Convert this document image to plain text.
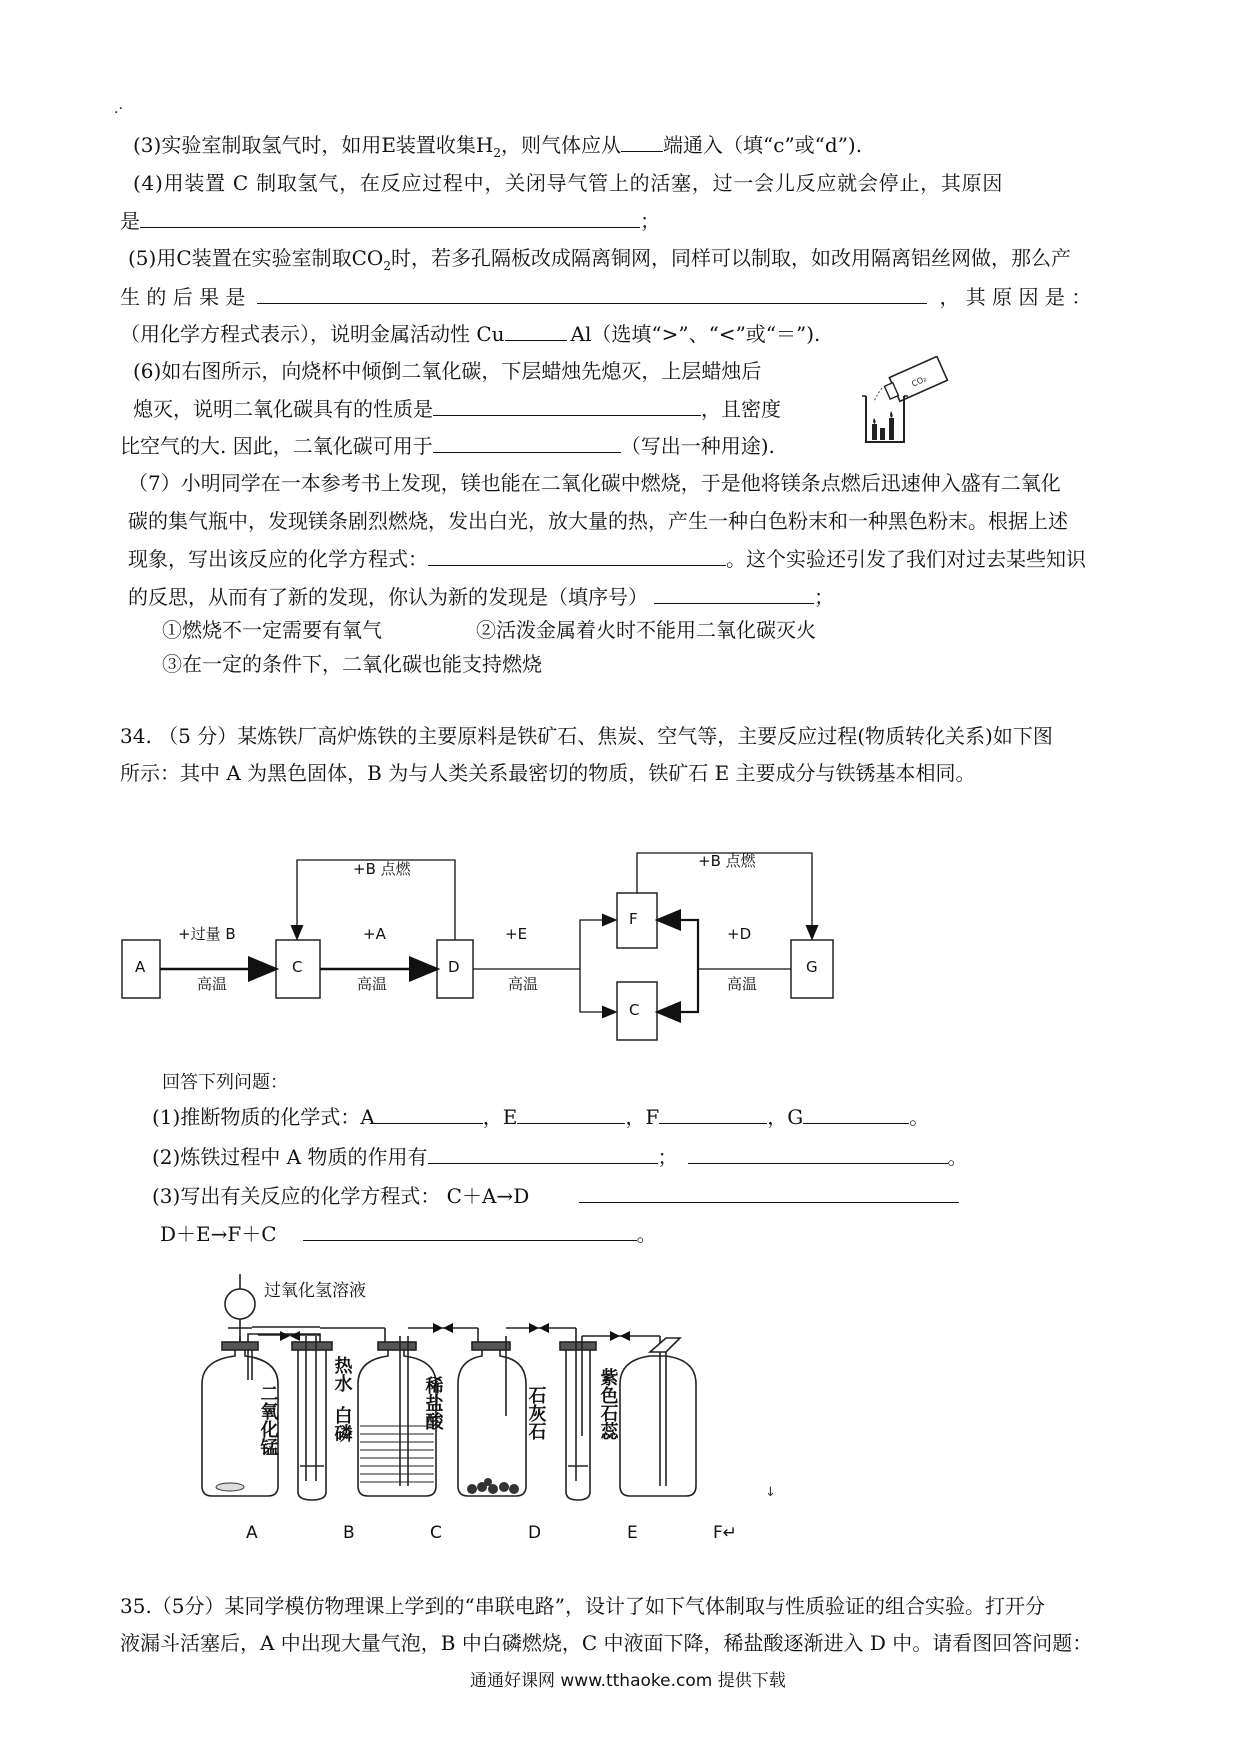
.·
(3)实验室制取氢气时，如用E装置收集$H_2$，则气体应从 端通入（填“c”或“d”).
(4)用装置 C 制取氢气，在反应过程中，关闭导气管上的活塞，过一会儿反应就会停止，其原因
是	；
(5)用C装置在实验室制取$CO_2$时，若多孔隔板改成隔离铜网，同样可以制取，如改用隔离铝丝网做，那么产
生 的 后 果 是	， 其 原 因 是 ：
（用化学方程式表示），说明金属活动性 Cu	Al（选填“>”、“<”或“＝”).
(6)如右图所示，向烧杯中倾倒二氧化碳，下层蜡烛先熄灭，上层蜡烛后
熄灭，说明二氧化碳具有的性质是	，且密度
比空气的大. 因此，二氧化碳可用于	（写出一种用途).
CO₂
（7）小明同学在一本参考书上发现，镁也能在二氧化碳中燃烧，于是他将镁条点燃后迅速伸入盛有二氧化
碳的集气瓶中，发现镁条剧烈燃烧，发出白光，放大量的热，产生一种白色粉末和一种黑色粉末。根据上述
现象，写出该反应的化学方程式：	。这个实验还引发了我们对过去某些知识
的反思，从而有了新的发现，你认为新的发现是（填序号）	；
①燃烧不一定需要有氧气	②活泼金属着火时不能用二氧化碳灭火
③在一定的条件下，二氧化碳也能支持燃烧
34. （5 分）某炼铁厂高炉炼铁的主要原料是铁矿石、焦炭、空气等，主要反应过程(物质转化关系)如下图
所示：其中 A 为黑色固体，B 为与人类关系最密切的物质，铁矿石 E 主要成分与铁锈基本相同。
A	C	D
F
C
G
+B 点燃	+B 点燃
+过量 B
高温
+A
高温
+E
高温
+D
高温
回答下列问题：
(1)推断物质的化学式：A	，E	，F	，G	。
(2)炼铁过程中 A 物质的作用有	；	。
(3)写出有关反应的化学方程式： C＋A→D
D＋E→F＋C	。
过氧化氢溶液
二氧化锰
热水
白磷	稀盐酸	石灰石	紫色石蕊
↓
A	B	C	D	E	F↵
35.（5分）某同学模仿物理课上学到的“串联电路”，设计了如下气体制取与性质验证的组合实验。打开分
液漏斗活塞后，A 中出现大量气泡，B 中白磷燃烧，C 中液面下降，稀盐酸逐渐进入 D 中。请看图回答问题：
通通好课网 www.tthaoke.com 提供下载
